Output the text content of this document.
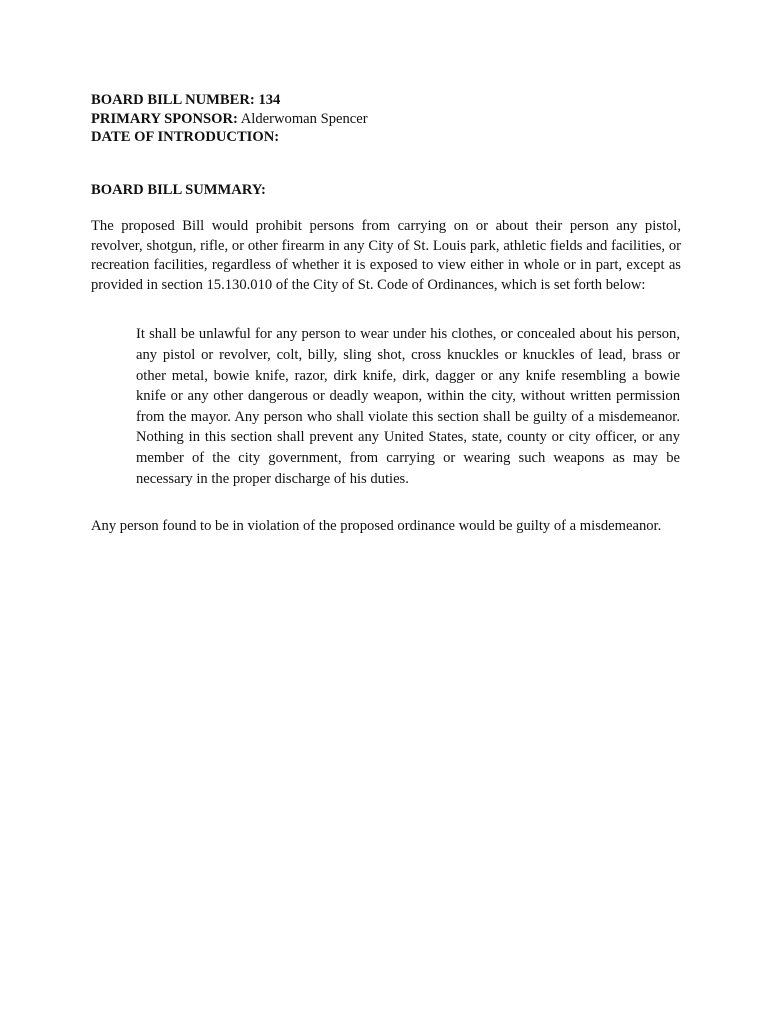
BOARD BILL NUMBER: 134
PRIMARY SPONSOR: Alderwoman Spencer
DATE OF INTRODUCTION:
BOARD BILL SUMMARY:
The proposed Bill would prohibit persons from carrying on or about their person any pistol, revolver, shotgun, rifle, or other firearm in any City of St. Louis park, athletic fields and facilities, or recreation facilities, regardless of whether it is exposed to view either in whole or in part, except as provided in section 15.130.010 of the City of St. Code of Ordinances, which is set forth below:
It shall be unlawful for any person to wear under his clothes, or concealed about his person, any pistol or revolver, colt, billy, sling shot, cross knuckles or knuckles of lead, brass or other metal, bowie knife, razor, dirk knife, dirk, dagger or any knife resembling a bowie knife or any other dangerous or deadly weapon, within the city, without written permission from the mayor. Any person who shall violate this section shall be guilty of a misdemeanor. Nothing in this section shall prevent any United States, state, county or city officer, or any member of the city government, from carrying or wearing such weapons as may be necessary in the proper discharge of his duties.
Any person found to be in violation of the proposed ordinance would be guilty of a misdemeanor.
